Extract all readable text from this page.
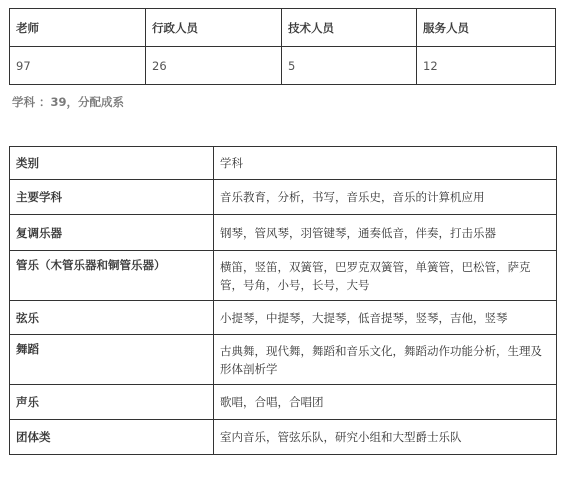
老师	行政人员	技术人员	服务人员
97	26	5	12
学科 ：39，分配成系
类别	学科
主要学科	音乐教育，分析，书写，音乐史，音乐的计算机应用
复调乐器	钢琴，管风琴，羽管键琴，通奏低音，伴奏，打击乐器
管乐（木管乐器和铜管乐器）	横笛，竖笛，双簧管，巴罗克双簧管，单簧管，巴松管，萨克管，号角，小号，长号，大号
弦乐	小提琴，中提琴，大提琴，低音提琴，竖琴，吉他，竖琴
舞蹈	古典舞，现代舞，舞蹈和音乐文化，舞蹈动作功能分析，生理及形体剖析学
声乐	歌唱，合唱，合唱团
团体类	室内音乐，管弦乐队，研究小组和大型爵士乐队
